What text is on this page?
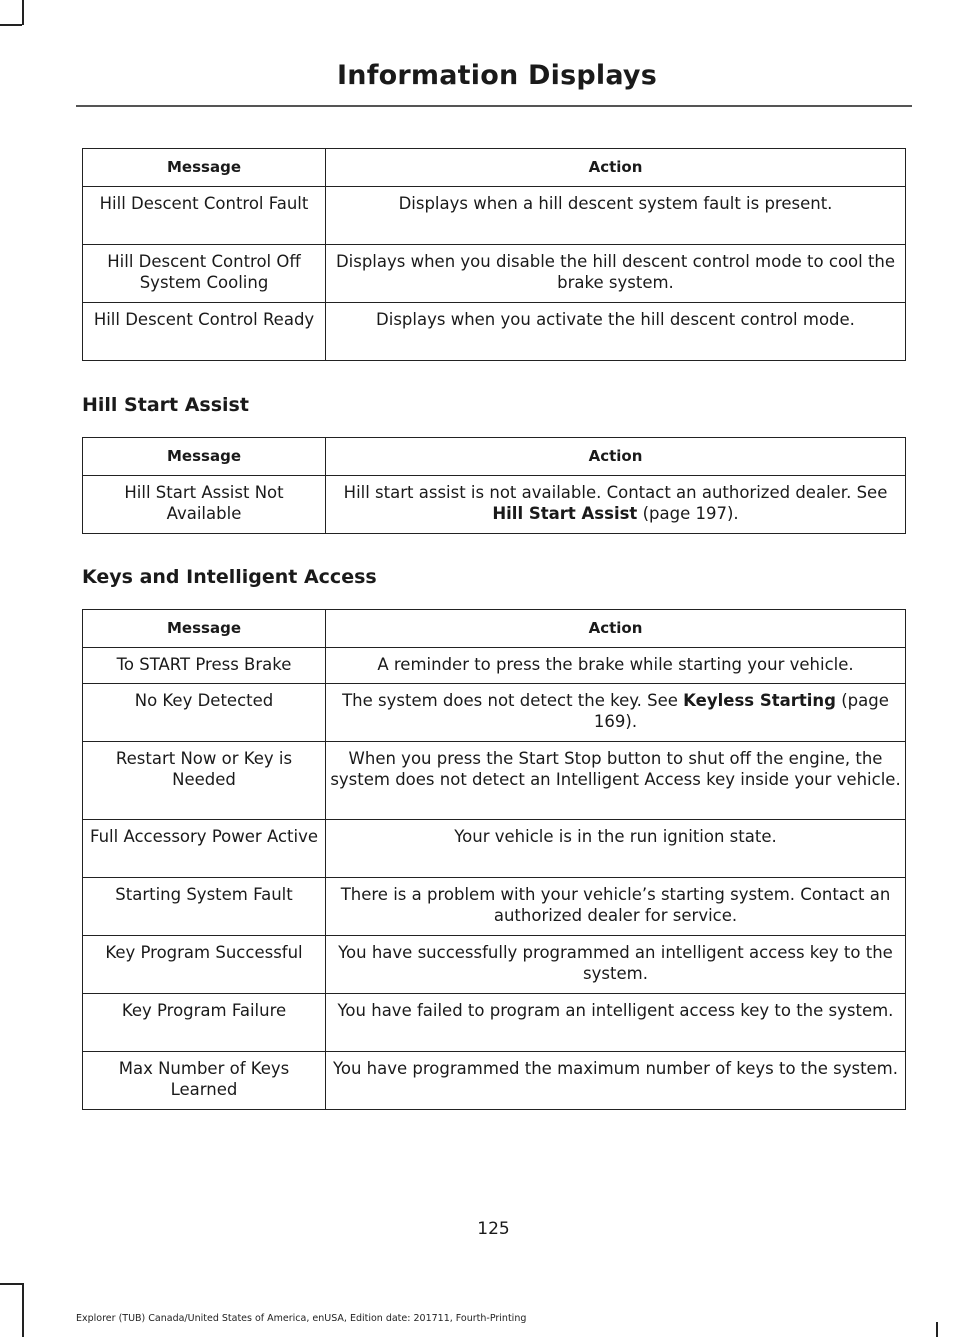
Information Displays
Message	Action
Hill Descent Control Fault	Displays when a hill descent system fault is present.
Hill Descent Control Off System Cooling	Displays when you disable the hill descent control mode to cool the brake system.
Hill Descent Control Ready	Displays when you activate the hill descent control mode.
Hill Start Assist
Message	Action
Hill Start Assist Not Available	Hill start assist is not available. Contact an authorized dealer. See Hill Start Assist (page 197).
Keys and Intelligent Access
Message	Action
To START Press Brake	A reminder to press the brake while starting your vehicle.
No Key Detected	The system does not detect the key. See Keyless Starting (page 169).
Restart Now or Key is Needed	When you press the Start Stop button to shut off the engine, the system does not detect an Intelligent Access key inside your vehicle.
Full Accessory Power Active	Your vehicle is in the run ignition state.
Starting System Fault	There is a problem with your vehicle’s starting system. Contact an authorized dealer for service.
Key Program Successful	You have successfully programmed an intelligent access key to the system.
Key Program Failure	You have failed to program an intelligent access key to the system.
Max Number of Keys Learned	You have programmed the maximum number of keys to the system.
125
Explorer (TUB) Canada/United States of America, enUSA, Edition date: 201711, Fourth-Printing
